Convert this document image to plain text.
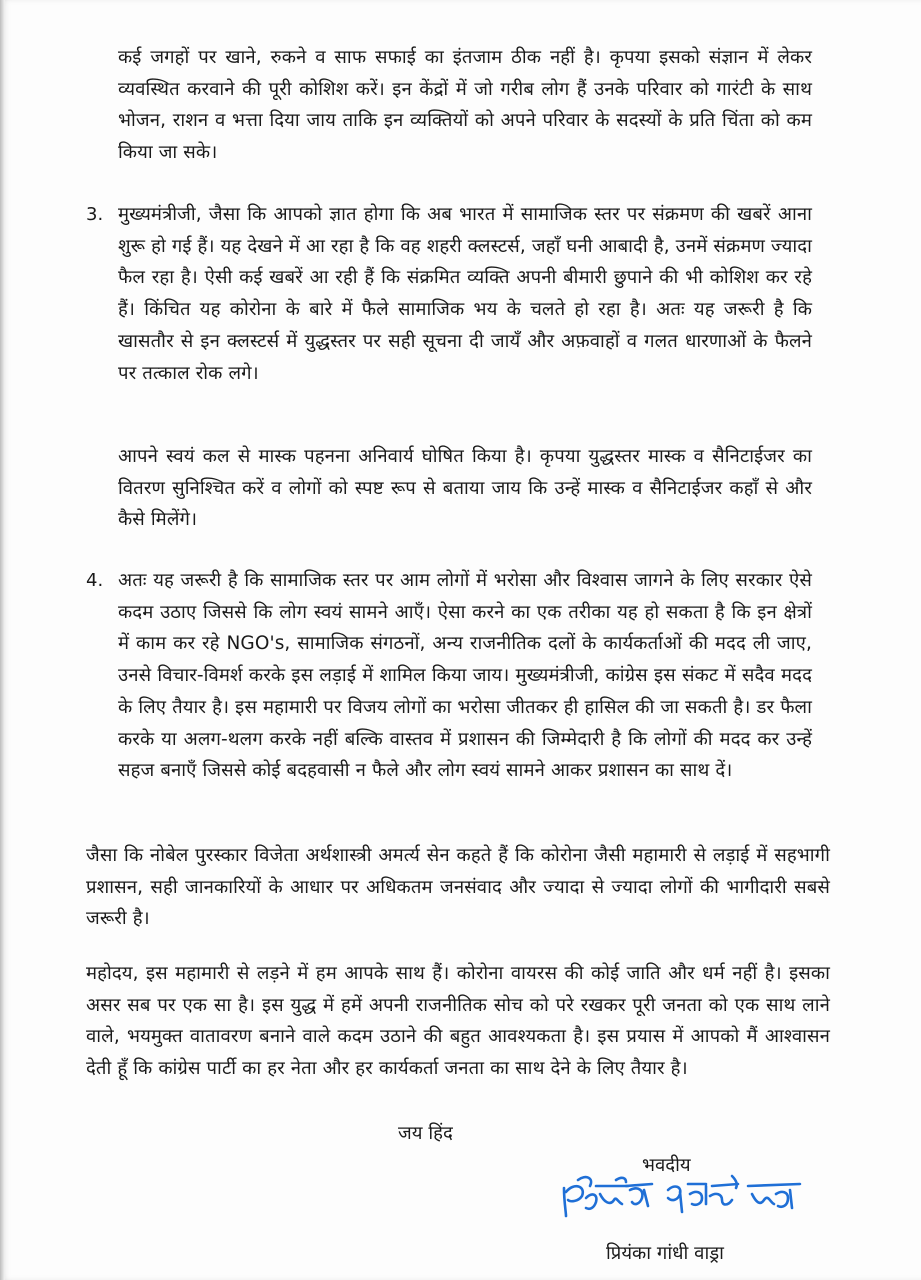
कई जगहों पर खाने, रुकने व साफ सफाई का इंतजाम ठीक नहीं है। कृपया इसको संज्ञान में लेकर व्यवस्थित करवाने की पूरी कोशिश करें। इन केंद्रों में जो गरीब लोग हैं उनके परिवार को गारंटी के साथ भोजन, राशन व भत्ता दिया जाय ताकि इन व्यक्तियों को अपने परिवार के सदस्यों के प्रति चिंता को कम किया जा सके।

3. मुख्यमंत्रीजी, जैसा कि आपको ज्ञात होगा कि अब भारत में सामाजिक स्तर पर संक्रमण की खबरें आना शुरू हो गई हैं। यह देखने में आ रहा है कि वह शहरी क्लस्टर्स, जहाँ घनी आबादी है, उनमें संक्रमण ज्यादा फैल रहा है। ऐसी कई खबरें आ रही हैं कि संक्रमित व्यक्ति अपनी बीमारी छुपाने की भी कोशिश कर रहे हैं। किंचित यह कोरोना के बारे में फैले सामाजिक भय के चलते हो रहा है। अतः यह जरूरी है कि खासतौर से इन क्लस्टर्स में युद्धस्तर पर सही सूचना दी जायँ और अफ़वाहों व गलत धारणाओं के फैलने पर तत्काल रोक लगे।

आपने स्वयं कल से मास्क पहनना अनिवार्य घोषित किया है। कृपया युद्धस्तर मास्क व सैनिटाईजर का वितरण सुनिश्चित करें व लोगों को स्पष्ट रूप से बताया जाय कि उन्हें मास्क व सैनिटाईजर कहाँ से और कैसे मिलेंगे।

4. अतः यह जरूरी है कि सामाजिक स्तर पर आम लोगों में भरोसा और विश्वास जागने के लिए सरकार ऐसे कदम उठाए जिससे कि लोग स्वयं सामने आएँ। ऐसा करने का एक तरीका यह हो सकता है कि इन क्षेत्रों में काम कर रहे NGO's, सामाजिक संगठनों, अन्य राजनीतिक दलों के कार्यकर्ताओं की मदद ली जाए, उनसे विचार-विमर्श करके इस लड़ाई में शामिल किया जाय। मुख्यमंत्रीजी, कांग्रेस इस संकट में सदैव मदद के लिए तैयार है। इस महामारी पर विजय लोगों का भरोसा जीतकर ही हासिल की जा सकती है। डर फैला करके या अलग-थलग करके नहीं बल्कि वास्तव में प्रशासन की जिम्मेदारी है कि लोगों की मदद कर उन्हें सहज बनाएँ जिससे कोई बदहवासी न फैले और लोग स्वयं सामने आकर प्रशासन का साथ दें।

जैसा कि नोबेल पुरस्कार विजेता अर्थशास्त्री अमर्त्य सेन कहते हैं कि कोरोना जैसी महामारी से लड़ाई में सहभागी प्रशासन, सही जानकारियों के आधार पर अधिकतम जनसंवाद और ज्यादा से ज्यादा लोगों की भागीदारी सबसे जरूरी है।

महोदय, इस महामारी से लड़ने में हम आपके साथ हैं। कोरोना वायरस की कोई जाति और धर्म नहीं है। इसका असर सब पर एक सा है। इस युद्ध में हमें अपनी राजनीतिक सोच को परे रखकर पूरी जनता को एक साथ लाने वाले, भयमुक्त वातावरण बनाने वाले कदम उठाने की बहुत आवश्यकता है। इस प्रयास में आपको मैं आश्वासन देती हूँ कि कांग्रेस पार्टी का हर नेता और हर कार्यकर्ता जनता का साथ देने के लिए तैयार है।

जय हिंद
भवदीय
प्रियंका गांधी वाड्रा
